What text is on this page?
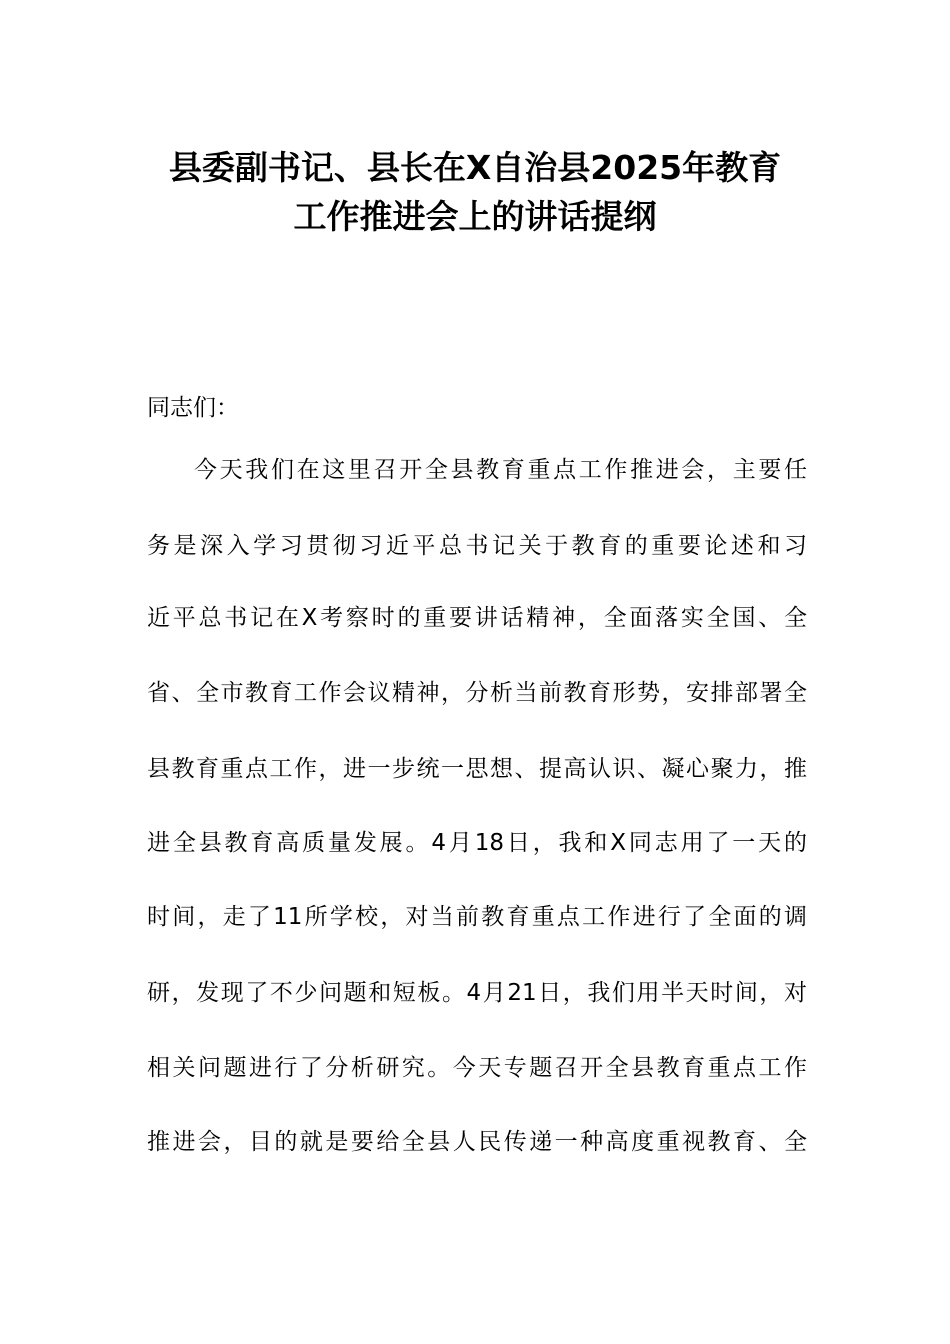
县委副书记、县长在X自治县2025年教育
工作推进会上的讲话提纲
同志们：
今天我们在这里召开全县教育重点工作推进会，主要任
务是深入学习贯彻习近平总书记关于教育的重要论述和习
近平总书记在X考察时的重要讲话精神，全面落实全国、全
省、全市教育工作会议精神，分析当前教育形势，安排部署全
县教育重点工作，进一步统一思想、提高认识、凝心聚力，推
进全县教育高质量发展。4月18日，我和X同志用了一天的
时间，走了11所学校，对当前教育重点工作进行了全面的调
研，发现了不少问题和短板。4月21日，我们用半天时间，对
相关问题进行了分析研究。今天专题召开全县教育重点工作
推进会，目的就是要给全县人民传递一种高度重视教育、全
